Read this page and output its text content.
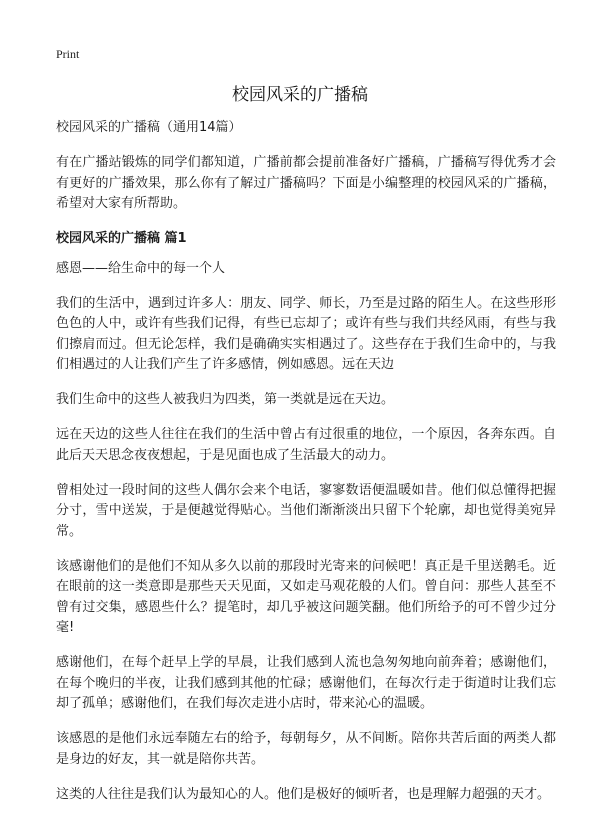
Print
校园风采的广播稿

校园风采的广播稿（通用14篇）

有在广播站锻炼的同学们都知道，广播前都会提前准备好广播稿，广播稿写得优秀才会有更好的广播效果，那么你有了解过广播稿吗？下面是小编整理的校园风采的广播稿，希望对大家有所帮助。

校园风采的广播稿 篇1

感恩——给生命中的每一个人

我们的生活中，遇到过许多人：朋友、同学、师长，乃至是过路的陌生人。在这些形形色色的人中，或许有些我们记得，有些已忘却了；或许有些与我们共经风雨，有些与我们擦肩而过。但无论怎样，我们是确确实实相遇过了。这些存在于我们生命中的，与我们相遇过的人让我们产生了许多感情，例如感恩。远在天边

我们生命中的这些人被我归为四类，第一类就是远在天边。

远在天边的这些人往往在我们的生活中曾占有过很重的地位，一个原因，各奔东西。自此后天天思念夜夜想起，于是见面也成了生活最大的动力。

曾相处过一段时间的这些人偶尔会来个电话，寥寥数语便温暖如昔。他们似总懂得把握分寸，雪中送炭，于是便越觉得贴心。当他们渐渐淡出只留下个轮廓，却也觉得美宛异常。

该感谢他们的是他们不知从多久以前的那段时光寄来的问候吧！真正是千里送鹅毛。近在眼前的这一类意即是那些天天见面，又如走马观花般的人们。曾自问：那些人甚至不曾有过交集，感恩些什么？提笔时，却几乎被这问题笑翻。他们所给予的可不曾少过分毫!

感谢他们，在每个赶早上学的早晨，让我们感到人流也急匆匆地向前奔着；感谢他们，在每个晚归的半夜，让我们感到其他的忙碌；感谢他们，在每次行走于街道时让我们忘却了孤单；感谢他们，在我们每次走进小店时，带来沁心的温暖。

该感恩的是他们永远奉随左右的给予，每朝每夕，从不间断。陪你共苦后面的两类人都是身边的好友，其一就是陪你共苦。

这类的人往往是我们认为最知心的人。他们是极好的倾听者，也是理解力超强的天才。
